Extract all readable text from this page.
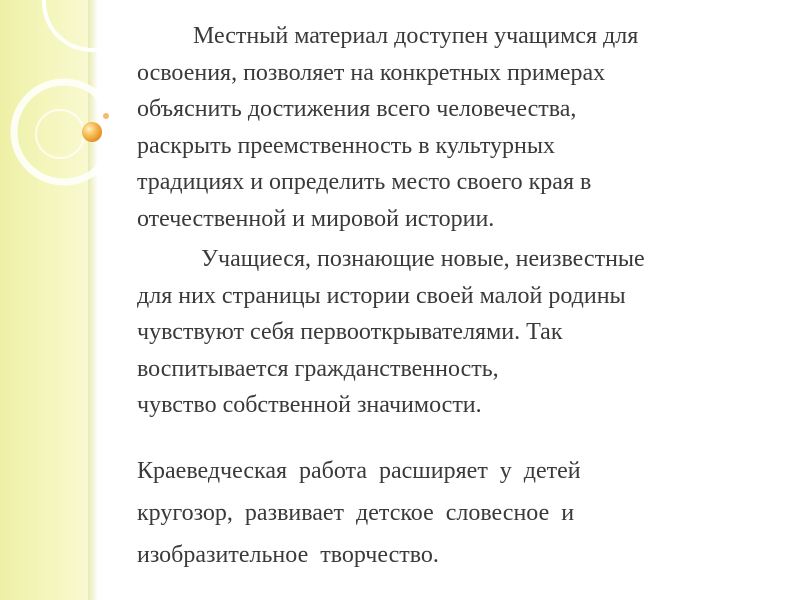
Местный материал доступен учащимся для
освоения, позволяет на конкретных примерах
объяснить достижения всего человечества,
раскрыть преемственность в культурных
традициях и определить место своего края в
отечественной и мировой истории.

Учащиеся, познающие новые, неизвестные
для них страницы истории своей малой родины
чувствуют себя первооткрывателями. Так
воспитывается гражданственность,
чувство собственной значимости.

Краеведческая работа расширяет у детей
кругозор, развивает детское словесное и
изобразительное творчество.
